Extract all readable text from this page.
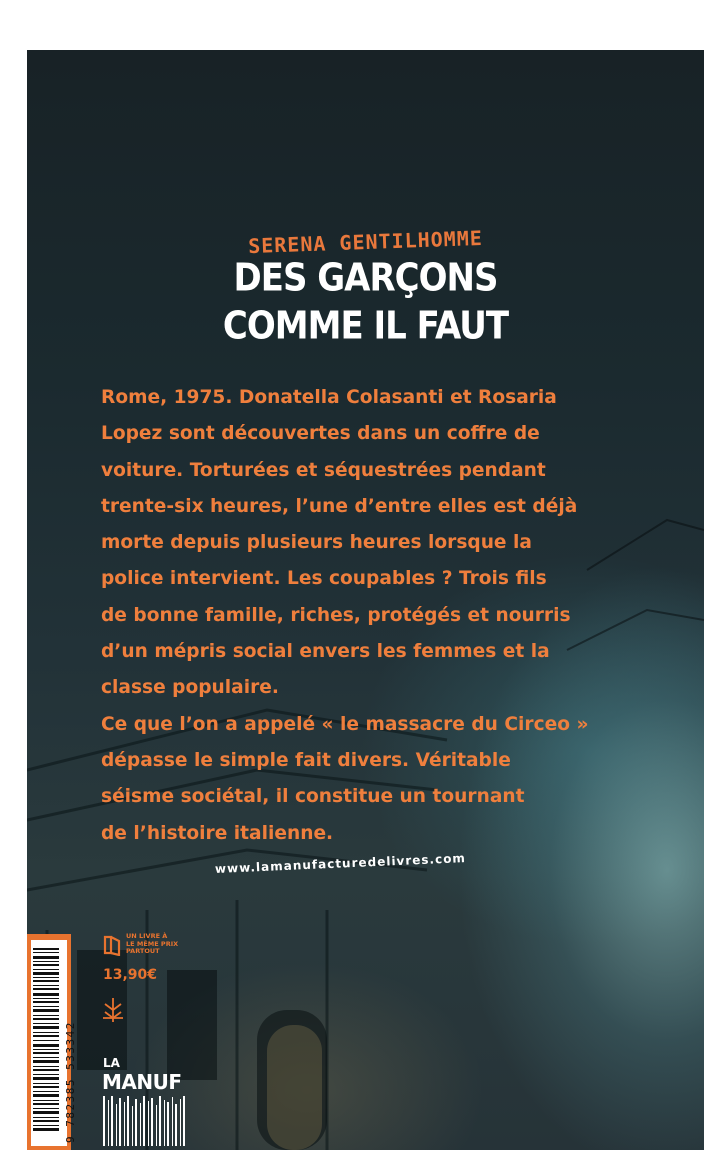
SERENA GENTILHOMME
DES GARÇONS
COMME IL FAUT
Rome, 1975. Donatella Colasanti et Rosaria
Lopez sont découvertes dans un coffre de
voiture. Torturées et séquestrées pendant
trente-six heures, l’une d’entre elles est déjà
morte depuis plusieurs heures lorsque la
police intervient. Les coupables ? Trois fils
de bonne famille, riches, protégés et nourris
d’un mépris social envers les femmes et la
classe populaire.
Ce que l’on a appelé « le massacre du Circeo »
dépasse le simple fait divers. Véritable
séisme sociétal, il constitue un tournant
de l’histoire italienne.
www.lamanufacturedelivres.com
9 782385 533342
UN LIVRE À
LE MÊME PRIX
PARTOUT
13,90€
LA
MANUF
